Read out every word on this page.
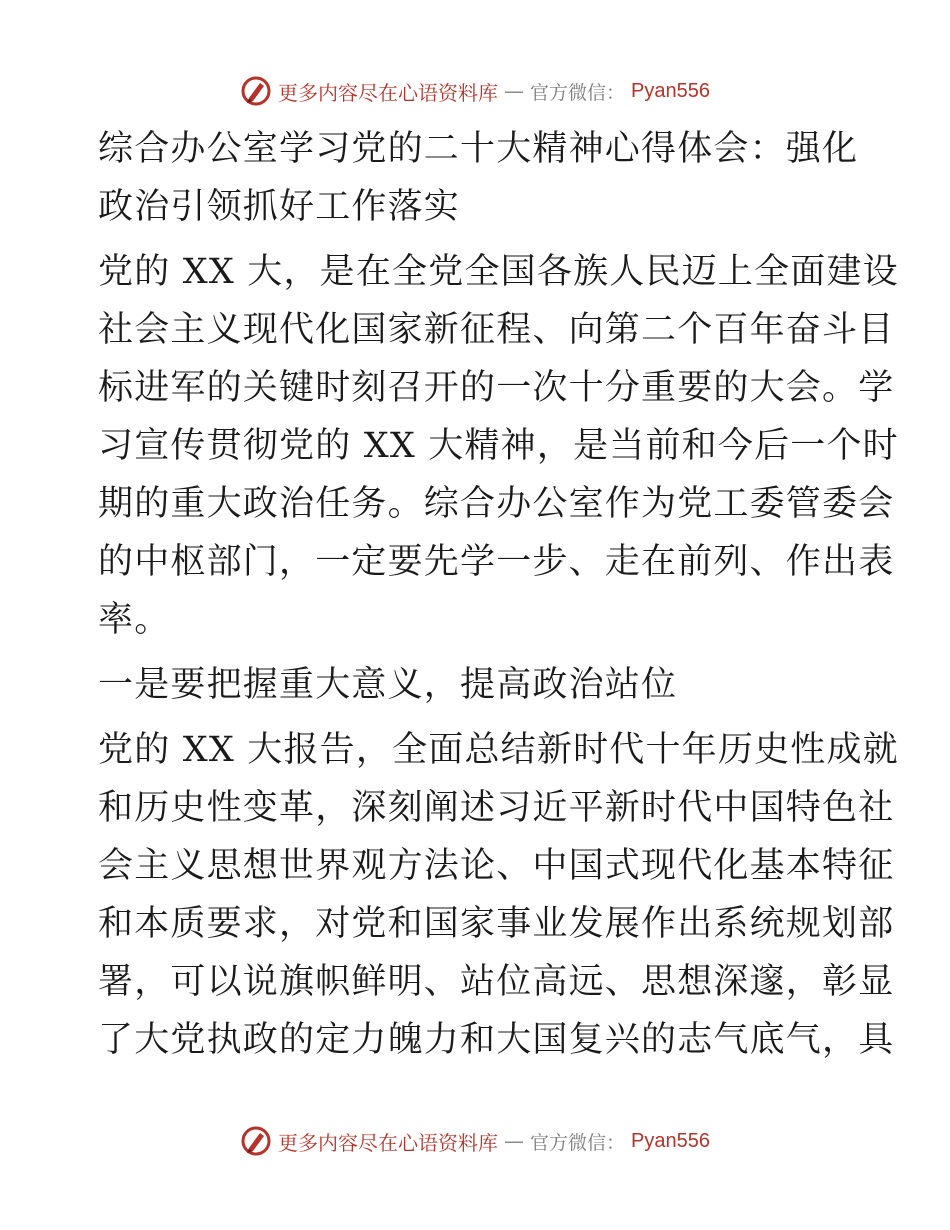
更多内容尽在心语资料库 — 官方微信： Pyan556
综合办公室学习党的二十大精神心得体会：强化
政治引领抓好工作落实
党的 XX 大，是在全党全国各族人民迈上全面建设
社会主义现代化国家新征程、向第二个百年奋斗目
标进军的关键时刻召开的一次十分重要的大会。学
习宣传贯彻党的 XX 大精神，是当前和今后一个时
期的重大政治任务。综合办公室作为党工委管委会
的中枢部门，一定要先学一步、走在前列、作出表
率。
一是要把握重大意义，提高政治站位
党的 XX 大报告，全面总结新时代十年历史性成就
和历史性变革，深刻阐述习近平新时代中国特色社
会主义思想世界观方法论、中国式现代化基本特征
和本质要求，对党和国家事业发展作出系统规划部
署，可以说旗帜鲜明、站位高远、思想深邃，彰显
了大党执政的定力魄力和大国复兴的志气底气，具
更多内容尽在心语资料库 — 官方微信： Pyan556
